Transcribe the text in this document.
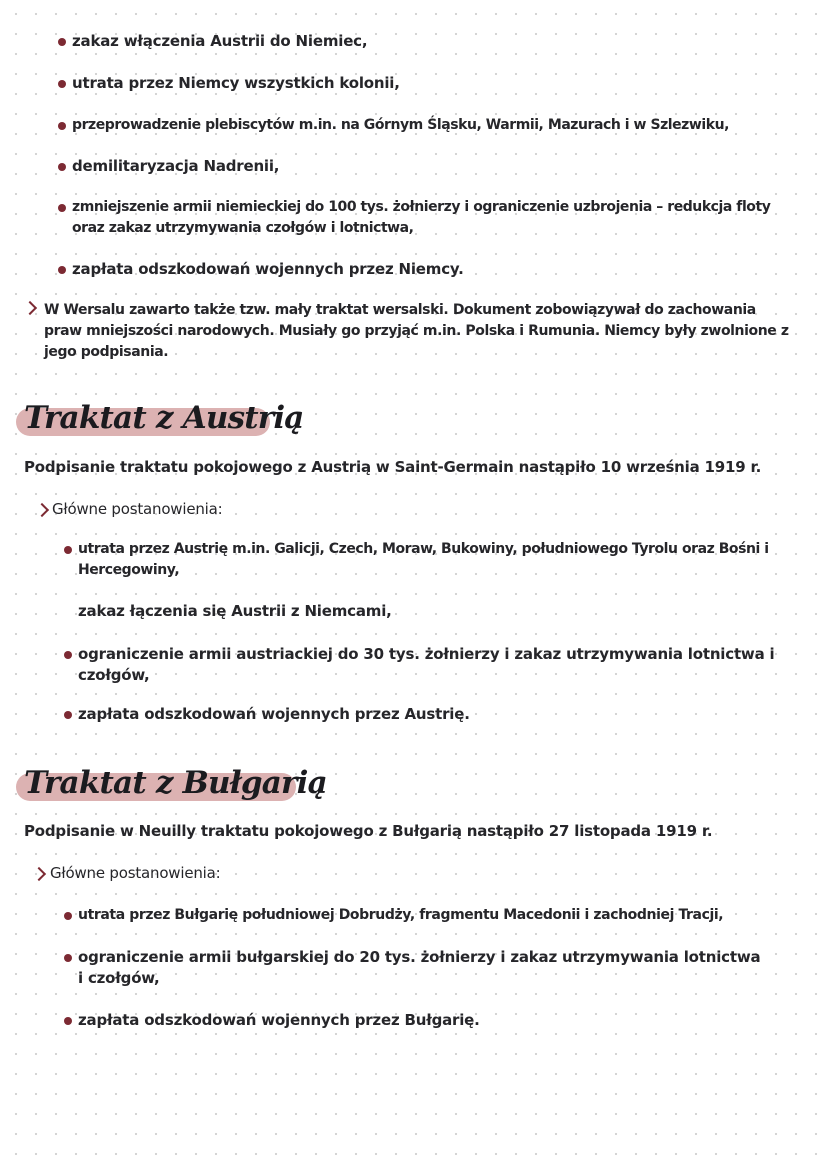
zakaz włączenia Austrii do Niemiec,
utrata przez Niemcy wszystkich kolonii,
przeprowadzenie plebiscytów m.in. na Górnym Śląsku, Warmii, Mazurach i w Szlezwiku,
demilitaryzacja Nadrenii,
zmniejszenie armii niemieckiej do 100 tys. żołnierzy i ograniczenie uzbrojenia – redukcja floty oraz zakaz utrzymywania czołgów i lotnictwa,
zapłata odszkodowań wojennych przez Niemcy.
W Wersalu zawarto także tzw. mały traktat wersalski. Dokument zobowiązywał do zachowania praw mniejszości narodowych. Musiały go przyjąć m.in. Polska i Rumunia. Niemcy były zwolnione z jego podpisania.
Traktat z Austrią
Podpisanie traktatu pokojowego z Austrią w Saint-Germain nastąpiło 10 września 1919 r.
Główne postanowienia:
utrata przez Austrię m.in. Galicji, Czech, Moraw, Bukowiny, południowego Tyrolu oraz Bośni i Hercegowiny,
zakaz łączenia się Austrii z Niemcami,
ograniczenie armii austriackiej do 30 tys. żołnierzy i zakaz utrzymywania lotnictwa i czołgów,
zapłata odszkodowań wojennych przez Austrię.
Traktat z Bułgarią
Podpisanie w Neuilly traktatu pokojowego z Bułgarią nastąpiło 27 listopada 1919 r.
Główne postanowienia:
utrata przez Bułgarię południowej Dobrudży, fragmentu Macedonii i zachodniej Tracji,
ograniczenie armii bułgarskiej do 20 tys. żołnierzy i zakaz utrzymywania lotnictwa i czołgów,
zapłata odszkodowań wojennych przez Bułgarię.
